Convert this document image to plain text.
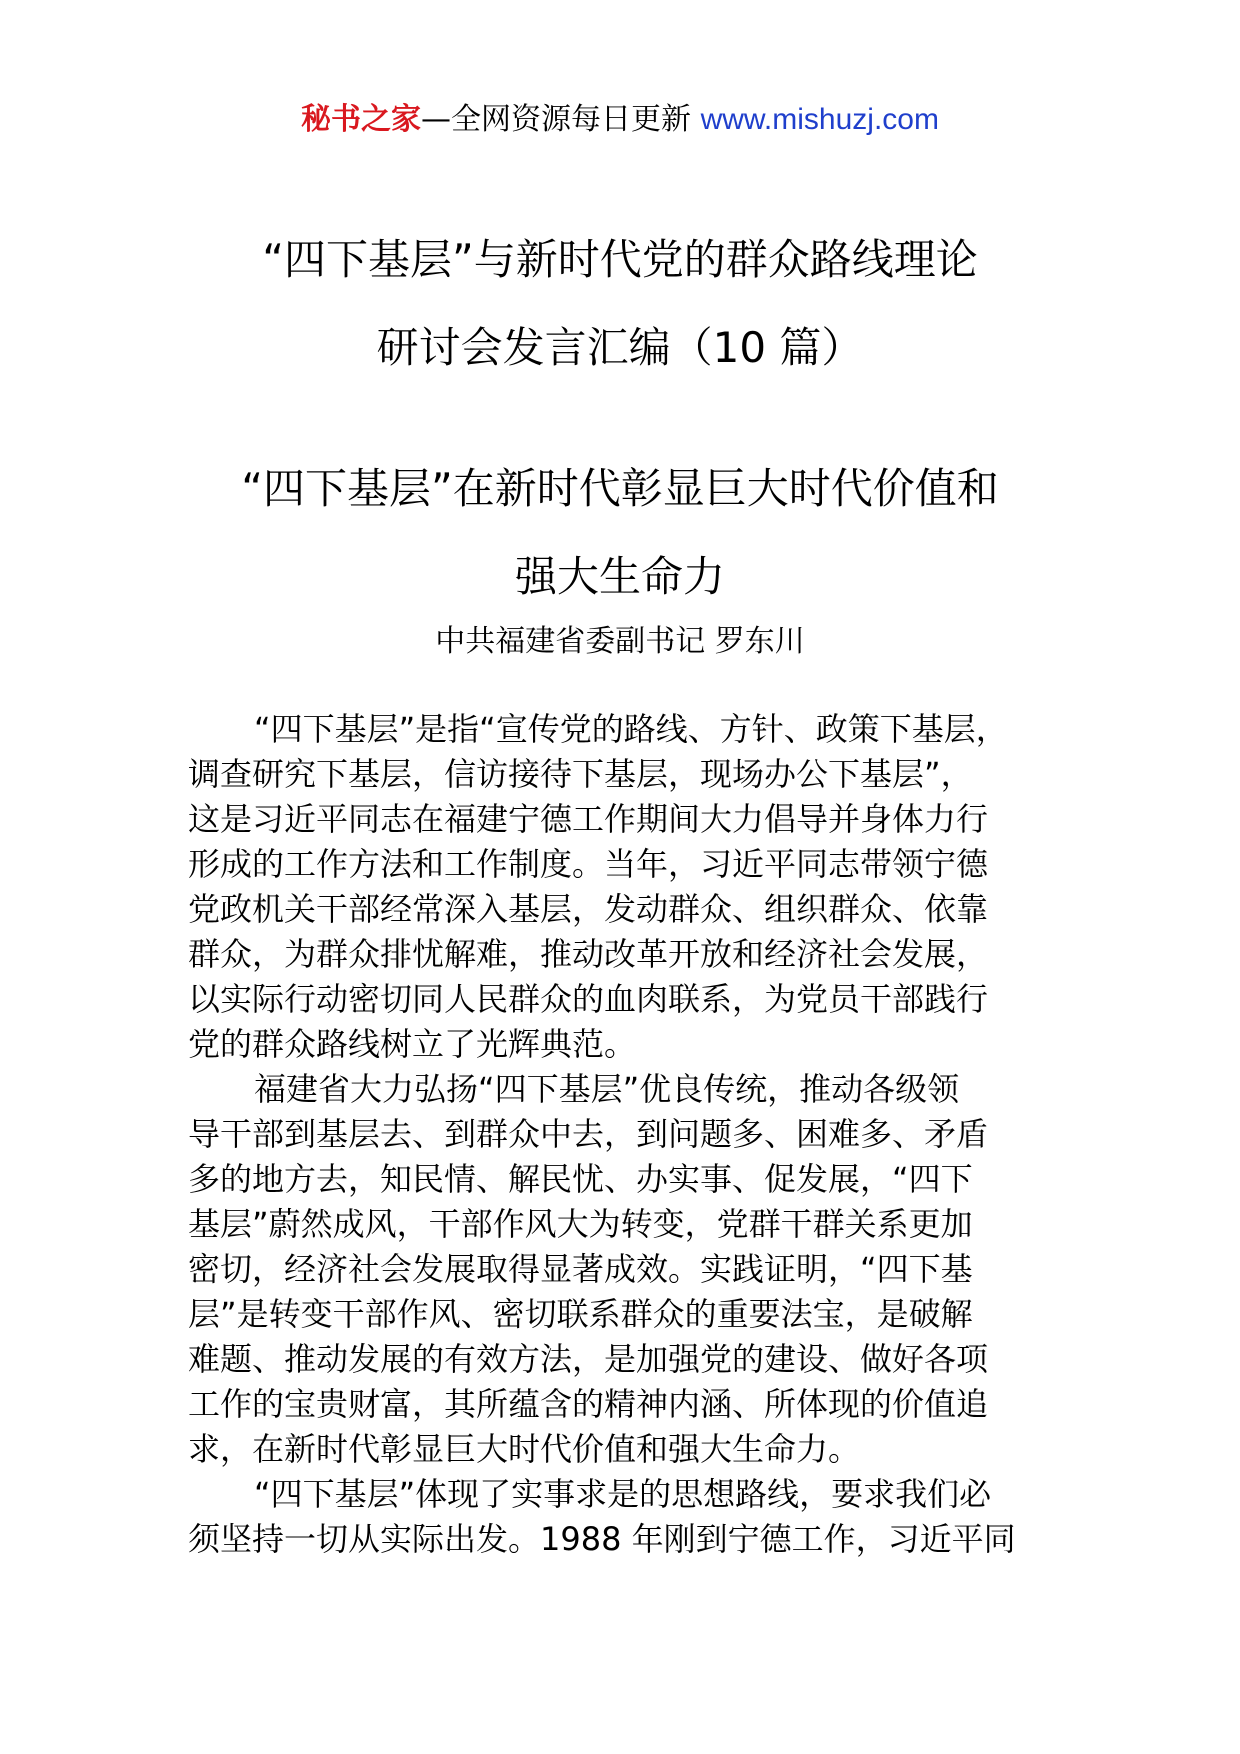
秘书之家—全网资源每日更新 www.mishuzj.com
“四下基层”与新时代党的群众路线理论
研讨会发言汇编（10 篇）
“四下基层”在新时代彰显巨大时代价值和
强大生命力
中共福建省委副书记 罗东川
“四下基层”是指“宣传党的路线、方针、政策下基层，
调查研究下基层，信访接待下基层，现场办公下基层”，
这是习近平同志在福建宁德工作期间大力倡导并身体力行
形成的工作方法和工作制度。当年，习近平同志带领宁德
党政机关干部经常深入基层，发动群众、组织群众、依靠
群众，为群众排忧解难，推动改革开放和经济社会发展，
以实际行动密切同人民群众的血肉联系，为党员干部践行
党的群众路线树立了光辉典范。
福建省大力弘扬“四下基层”优良传统，推动各级领
导干部到基层去、到群众中去，到问题多、困难多、矛盾
多的地方去，知民情、解民忧、办实事、促发展，“四下
基层”蔚然成风，干部作风大为转变，党群干群关系更加
密切，经济社会发展取得显著成效。实践证明，“四下基
层”是转变干部作风、密切联系群众的重要法宝，是破解
难题、推动发展的有效方法，是加强党的建设、做好各项
工作的宝贵财富，其所蕴含的精神内涵、所体现的价值追
求，在新时代彰显巨大时代价值和强大生命力。
“四下基层”体现了实事求是的思想路线，要求我们必
须坚持一切从实际出发。1988 年刚到宁德工作，习近平同
